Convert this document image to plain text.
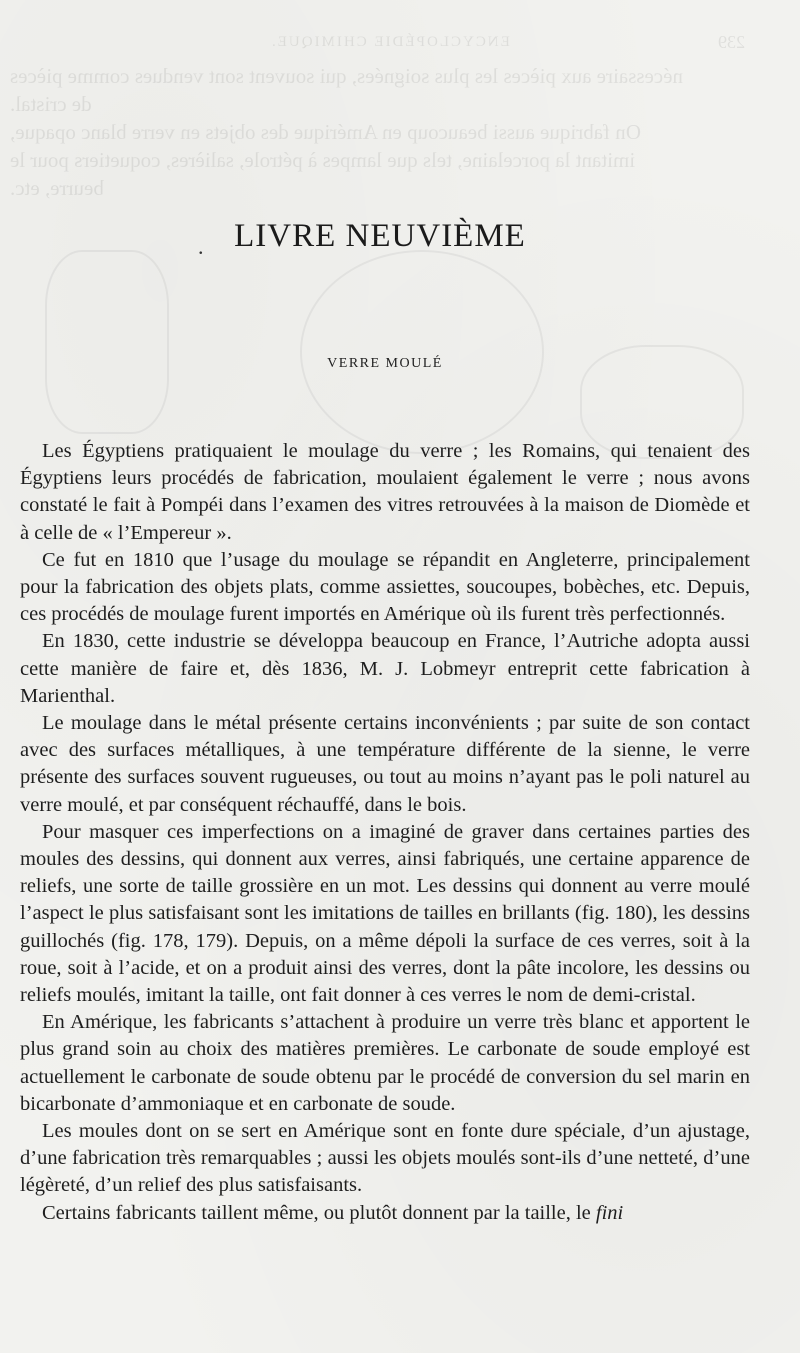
ENCYCLOPÉDIE CHIMIQUE.	239
nécessaire aux pièces les plus soignées, qui souvent sont vendues comme pièces
de cristal.
On fabrique aussi beaucoup en Amérique des objets en verre blanc opaque,
imitant la porcelaine, tels que lampes à pétrole, salières, coquetiers pour le
beurre, etc.
. LIVRE NEUVIÈME
VERRE MOULÉ

Les Égyptiens pratiquaient le moulage du verre ; les Romains, qui tenaient des Égyptiens leurs procédés de fabrication, moulaient également le verre ; nous avons constaté le fait à Pompéi dans l’examen des vitres retrouvées à la maison de Diomède et à celle de « l’Empereur ».

Ce fut en 1810 que l’usage du moulage se répandit en Angleterre, principalement pour la fabrication des objets plats, comme assiettes, soucoupes, bobèches, etc. Depuis, ces procédés de moulage furent importés en Amérique où ils furent très perfectionnés.

En 1830, cette industrie se développa beaucoup en France, l’Autriche adopta aussi cette manière de faire et, dès 1836, M. J. Lobmeyr entreprit cette fabrication à Marienthal.

Le moulage dans le métal présente certains inconvénients ; par suite de son contact avec des surfaces métalliques, à une température différente de la sienne, le verre présente des surfaces souvent rugueuses, ou tout au moins n’ayant pas le poli naturel au verre moulé, et par conséquent réchauffé, dans le bois.

Pour masquer ces imperfections on a imaginé de graver dans certaines parties des moules des dessins, qui donnent aux verres, ainsi fabriqués, une certaine apparence de reliefs, une sorte de taille grossière en un mot. Les dessins qui donnent au verre moulé l’aspect le plus satisfaisant sont les imitations de tailles en brillants (fig. 180), les dessins guillochés (fig. 178, 179). Depuis, on a même dépoli la surface de ces verres, soit à la roue, soit à l’acide, et on a produit ainsi des verres, dont la pâte incolore, les dessins ou reliefs moulés, imitant la taille, ont fait donner à ces verres le nom de demi-cristal.

En Amérique, les fabricants s’attachent à produire un verre très blanc et apportent le plus grand soin au choix des matières premières. Le carbonate de soude employé est actuellement le carbonate de soude obtenu par le procédé de conversion du sel marin en bicarbonate d’ammoniaque et en carbonate de soude.

Les moules dont on se sert en Amérique sont en fonte dure spéciale, d’un ajustage, d’une fabrication très remarquables ; aussi les objets moulés sont-ils d’une netteté, d’une légèreté, d’un relief des plus satisfaisants.

Certains fabricants taillent même, ou plutôt donnent par la taille, le fini
